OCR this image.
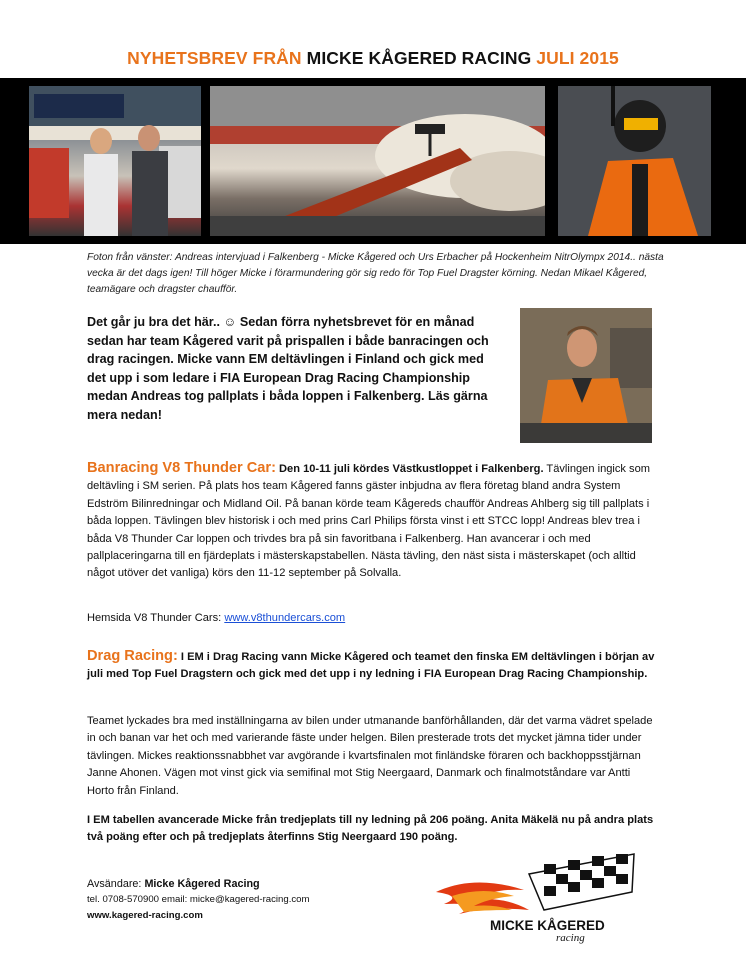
NYHETSBREV FRÅN MICKE KÅGERED RACING JULI 2015
Foton från vänster: Andreas intervjuad i Falkenberg - Micke Kågered och Urs Erbacher på Hockenheim NitrOlympx 2014.. nästa vecka är det dags igen! Till höger Micke i förarmundering gör sig redo för Top Fuel Dragster körning. Nedan Mikael Kågered, teamägare och dragster chaufför.
Det går ju bra det här.. ☺ Sedan förra nyhetsbrevet för en månad sedan har team Kågered varit på prispallen i både banracingen och drag racingen. Micke vann EM deltävlingen i Finland och gick med det upp i som ledare i FIA European Drag Racing Championship medan Andreas tog pallplats i båda loppen i Falkenberg. Läs gärna mera nedan!
Banracing V8 Thunder Car: Den 10-11 juli kördes Västkustloppet i Falkenberg. Tävlingen ingick som deltävling i SM serien. På plats hos team Kågered fanns gäster inbjudna av flera företag bland andra System Edström Bilinredningar och Midland Oil. På banan körde team Kågereds chaufför Andreas Ahlberg sig till pallplats i båda loppen. Tävlingen blev historisk i och med prins Carl Philips första vinst i ett STCC lopp! Andreas blev trea i båda V8 Thunder Car loppen och trivdes bra på sin favoritbana i Falkenberg. Han avancerar i och med pallplaceringarna till en fjärdeplats i mästerskapstabellen. Nästa tävling, den näst sista i mästerskapet (och alltid något utöver det vanliga) körs den 11-12 september på Solvalla.
Hemsida V8 Thunder Cars: www.v8thundercars.com
Drag Racing: I EM i Drag Racing vann Micke Kågered och teamet den finska EM deltävlingen i början av juli med Top Fuel Dragstern och gick med det upp i ny ledning i FIA European Drag Racing Championship.
Teamet lyckades bra med inställningarna av bilen under utmanande banförhållanden, där det varma vädret spelade in och banan var het och med varierande fäste under helgen. Bilen presterade trots det mycket jämna tider under tävlingen. Mickes reaktionssnabbhet var avgörande i kvartsfinalen mot finländske föraren och backhoppsstjärnan Janne Ahonen. Vägen mot vinst gick via semifinal mot Stig Neergaard, Danmark och finalmotståndare var Antti Horto från Finland.
I EM tabellen avancerade Micke från tredjeplats till ny ledning på 206 poäng. Anita Mäkelä nu på andra plats två poäng efter och på tredjeplats återfinns Stig Neergaard 190 poäng.
Avsändare: Micke Kågered Racing
tel. 0708-570900 email: micke@kagered-racing.com
www.kagered-racing.com
MICKE KÅGERED
racing
